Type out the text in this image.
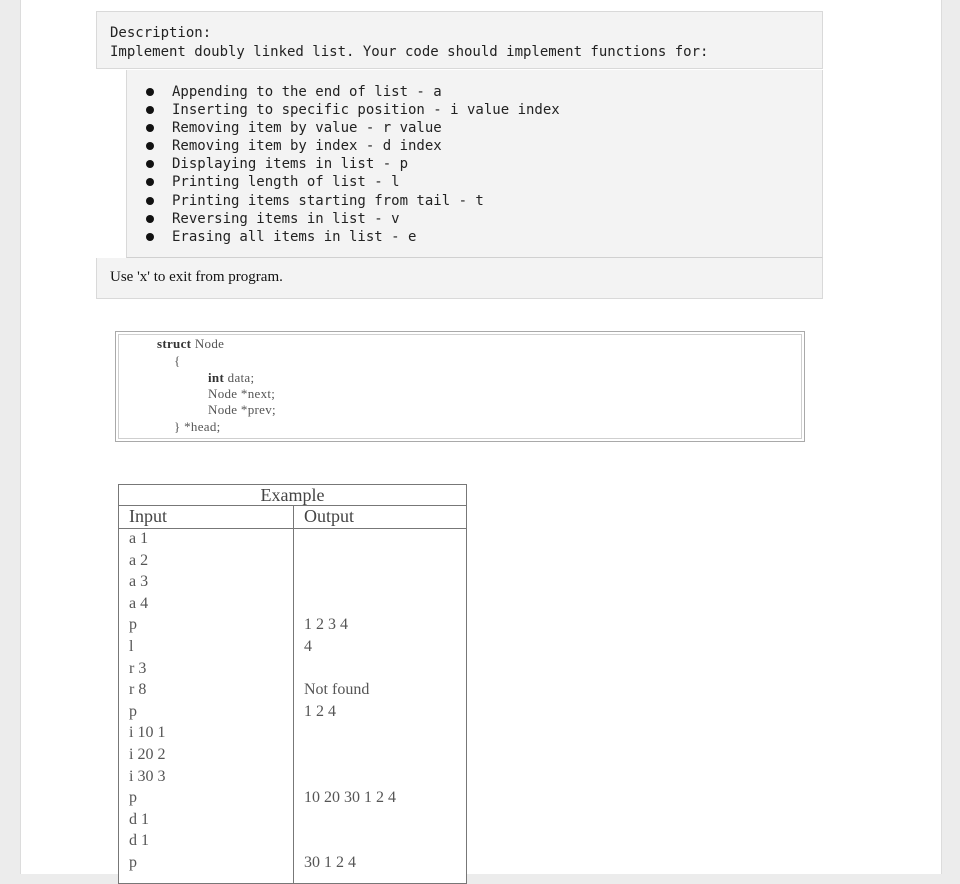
Description:
Implement doubly linked list. Your code should implement functions for:
Appending to the end of list - a
Inserting to specific position - i value index
Removing item by value - r value
Removing item by index - d index
Displaying items in list - p
Printing length of list - l
Printing items starting from tail - t
Reversing items in list - v
Erasing all items in list - e
Use 'x' to exit from program.
struct Node
{
int data;
Node *next;
Node *prev;
} *head;
Example
Input	Output
a 1
a 2
a 3
a 4
p	1 2 3 4
l	4
r 3
r 8	Not found
p	1 2 4
i 10 1
i 20 2
i 30 3
p	10 20 30 1 2 4
d 1
d 1
p	30 1 2 4
